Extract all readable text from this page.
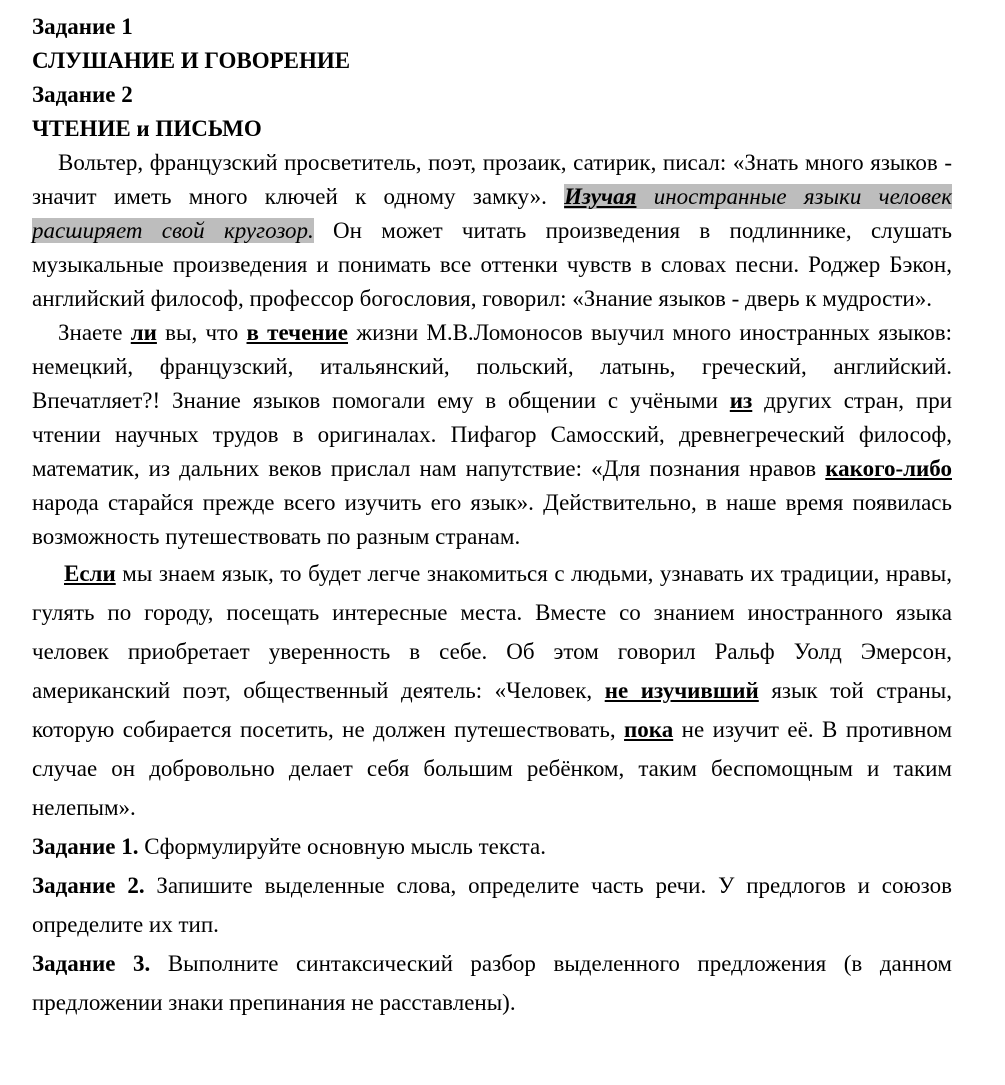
Задание 1

СЛУШАНИЕ И ГОВОРЕНИЕ

Задание 2

ЧТЕНИЕ и ПИСЬМО

Вольтер, французский просветитель, поэт, прозаик, сатирик, писал: «Знать много языков - значит иметь много ключей к одному замку». Изучая иностранные языки человек расширяет свой кругозор. Он может читать произведения в подлиннике, слушать музыкальные произведения и понимать все оттенки чувств в словах песни. Роджер Бэкон, английский философ, профессор богословия, говорил: «Знание языков - дверь к мудрости».

Знаете ли вы, что в течение жизни М.В.Ломоносов выучил много иностранных языков: немецкий, французский, итальянский, польский, латынь, греческий, английский. Впечатляет?! Знание языков помогали ему в общении с учёными из других стран, при чтении научных трудов в оригиналах. Пифагор Самосский, древнегреческий философ, математик, из дальних веков прислал нам напутствие: «Для познания нравов какого-либо народа старайся прежде всего изучить его язык». Действительно, в наше время появилась возможность путешествовать по разным странам.

Если мы знаем язык, то будет легче знакомиться с людьми, узнавать их традиции, нравы, гулять по городу, посещать интересные места. Вместе со знанием иностранного языка человек приобретает уверенность в себе. Об этом говорил Ральф Уолд Эмерсон, американский поэт, общественный деятель: «Человек, не изучивший язык той страны, которую собирается посетить, не должен путешествовать, пока не изучит её. В противном случае он добровольно делает себя большим ребёнком, таким беспомощным и таким нелепым».

Задание 1. Сформулируйте основную мысль текста.

Задание 2. Запишите выделенные слова, определите часть речи. У предлогов и союзов определите их тип.

Задание 3. Выполните синтаксический разбор выделенного предложения (в данном предложении знаки препинания не расставлены).
